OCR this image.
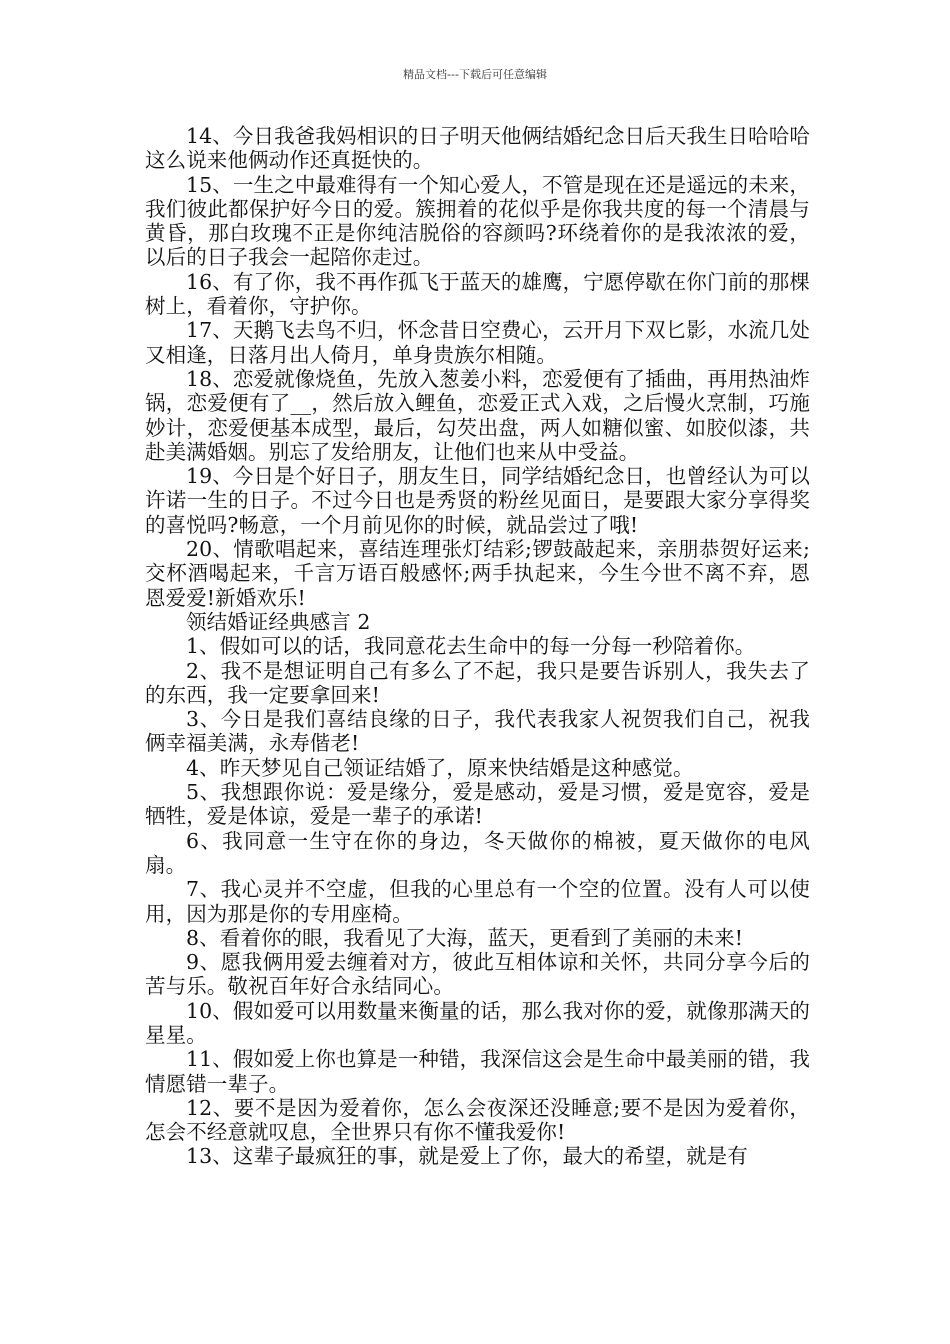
精品文档---下载后可任意编辑

14、今日我爸我妈相识的日子明天他俩结婚纪念日后天我生日哈哈哈这么说来他俩动作还真挺快的。

15、一生之中最难得有一个知心爱人，不管是现在还是遥远的未来，我们彼此都保护好今日的爱。簇拥着的花似乎是你我共度的每一个清晨与黄昏，那白玫瑰不正是你纯洁脱俗的容颜吗?环绕着你的是我浓浓的爱，以后的日子我会一起陪你走过。

16、有了你，我不再作孤飞于蓝天的雄鹰，宁愿停歇在你门前的那棵树上，看着你，守护你。

17、天鹅飞去鸟不归，怀念昔日空费心，云开月下双匕影，水流几处又相逢，日落月出人倚月，单身贵族尔相随。

18、恋爱就像烧鱼，先放入葱姜小料，恋爱便有了插曲，再用热油炸锅，恋爱便有了__，然后放入鲤鱼，恋爱正式入戏，之后慢火烹制，巧施妙计，恋爱便基本成型，最后，勾芡出盘，两人如糖似蜜、如胶似漆，共赴美满婚姻。别忘了发给朋友，让他们也来从中受益。

19、今日是个好日子，朋友生日，同学结婚纪念日，也曾经认为可以许诺一生的日子。不过今日也是秀贤的粉丝见面日，是要跟大家分享得奖的喜悦吗?畅意，一个月前见你的时候，就品尝过了哦!

20、情歌唱起来，喜结连理张灯结彩;锣鼓敲起来，亲朋恭贺好运来;交杯酒喝起来，千言万语百般感怀;两手执起来，今生今世不离不弃，恩恩爱爱!新婚欢乐!

领结婚证经典感言 2

1、假如可以的话，我同意花去生命中的每一分每一秒陪着你。

2、我不是想证明自己有多么了不起，我只是要告诉别人，我失去了的东西，我一定要拿回来!

3、今日是我们喜结良缘的日子，我代表我家人祝贺我们自己，祝我俩幸福美满，永寿偕老!

4、昨天梦见自己领证结婚了，原来快结婚是这种感觉。

5、我想跟你说：爱是缘分，爱是感动，爱是习惯，爱是宽容，爱是牺牲，爱是体谅，爱是一辈子的承诺!

6、我同意一生守在你的身边，冬天做你的棉被，夏天做你的电风扇。

7、我心灵并不空虚，但我的心里总有一个空的位置。没有人可以使用，因为那是你的专用座椅。

8、看着你的眼，我看见了大海，蓝天，更看到了美丽的未来!

9、愿我俩用爱去缠着对方，彼此互相体谅和关怀，共同分享今后的苦与乐。敬祝百年好合永结同心。

10、假如爱可以用数量来衡量的话，那么我对你的爱，就像那满天的星星。

11、假如爱上你也算是一种错，我深信这会是生命中最美丽的错，我情愿错一辈子。

12、要不是因为爱着你，怎么会夜深还没睡意;要不是因为爱着你，怎会不经意就叹息，全世界只有你不懂我爱你!

13、这辈子最疯狂的事，就是爱上了你，最大的希望，就是有
